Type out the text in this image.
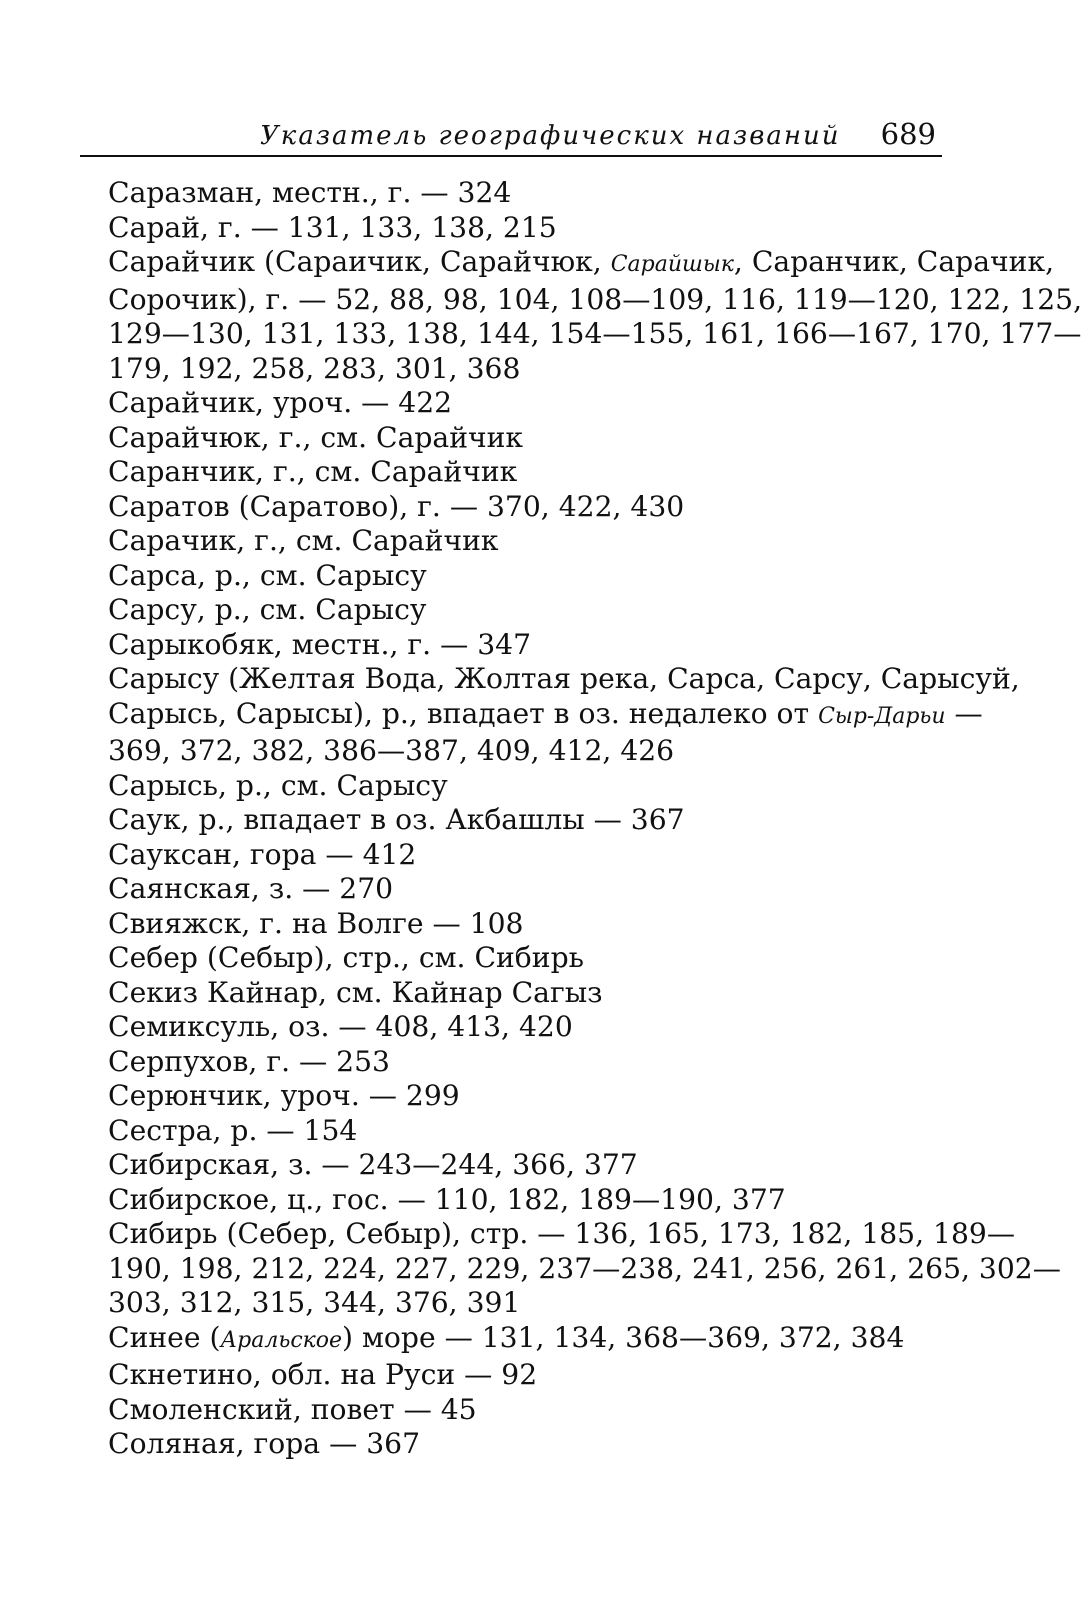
Указатель географических названий 689
Саразман, местн., г. — 324
Сарай, г. — 131, 133, 138, 215
Сарайчик (Сараичик, Сарайчюк, Сарайшык, Саранчик, Сарачик,
Сорочик), г. — 52, 88, 98, 104, 108—109, 116, 119—120, 122, 125,
129—130, 131, 133, 138, 144, 154—155, 161, 166—167, 170, 177—
179, 192, 258, 283, 301, 368
Сарайчик, уроч. — 422
Сарайчюк, г., см. Сарайчик
Саранчик, г., см. Сарайчик
Саратов (Саратово), г. — 370, 422, 430
Сарачик, г., см. Сарайчик
Сарса, р., см. Сарысу
Сарсу, р., см. Сарысу
Сарыкобяк, местн., г. — 347
Сарысу (Желтая Вода, Жолтая река, Сарса, Сарсу, Сарысуй,
Сарысь, Сарысы), р., впадает в оз. недалеко от Сыр-Дарьи —
369, 372, 382, 386—387, 409, 412, 426
Сарысь, р., см. Сарысу
Саук, р., впадает в оз. Акбашлы — 367
Сауксан, гора — 412
Саянская, з. — 270
Свияжск, г. на Волге — 108
Себер (Себыр), стр., см. Сибирь
Секиз Кайнар, см. Кайнар Сагыз
Семиксуль, оз. — 408, 413, 420
Серпухов, г. — 253
Серюнчик, уроч. — 299
Сестра, р. — 154
Сибирская, з. — 243—244, 366, 377
Сибирское, ц., гос. — 110, 182, 189—190, 377
Сибирь (Себер, Себыр), стр. — 136, 165, 173, 182, 185, 189—
190, 198, 212, 224, 227, 229, 237—238, 241, 256, 261, 265, 302—
303, 312, 315, 344, 376, 391
Синее (Аральское) море — 131, 134, 368—369, 372, 384
Скнетино, обл. на Руси — 92
Смоленский, повет — 45
Соляная, гора — 367
